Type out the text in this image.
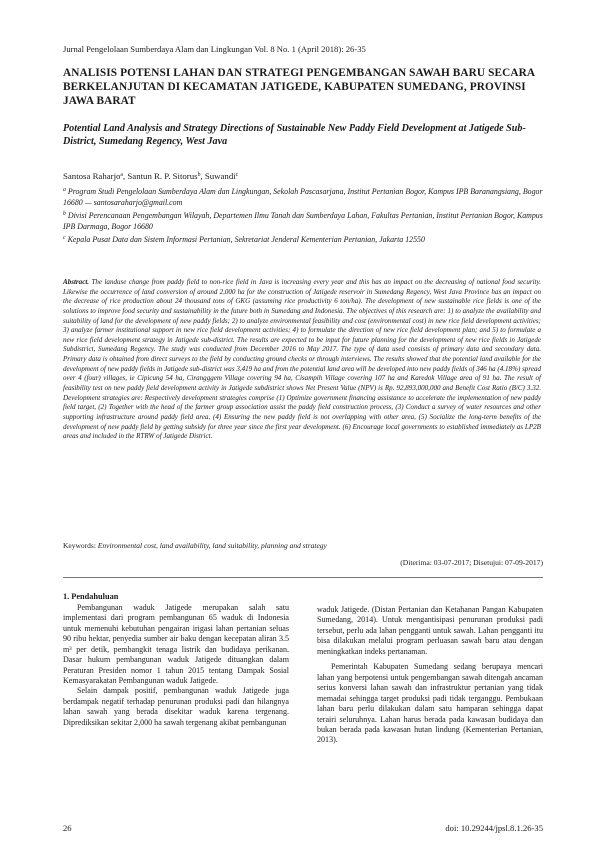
Jurnal Pengelolaan Sumberdaya Alam dan Lingkungan Vol. 8 No. 1 (April 2018): 26-35
ANALISIS POTENSI LAHAN DAN STRATEGI PENGEMBANGAN SAWAH BARU SECARA BERKELANJUTAN DI KECAMATAN JATIGEDE, KABUPATEN SUMEDANG, PROVINSI JAWA BARAT
Potential Land Analysis and Strategy Directions of Sustainable New Paddy Field Development at Jatigede Sub-District, Sumedang Regency, West Java
Santosa Raharjo$^a$, Santun R. P. Sitorus$^b$, Suwandi$^c$
$^a$ Program Studi Pengelolaan Sumberdaya Alam dan Lingkungan, Sekolah Pascasarjana, Institut Pertanian Bogor, Kampus IPB Baranangsiang, Bogor 16680 — santosaraharjo@gmail.com
$^b$ Divisi Perencanaan Pengembangan Wilayah, Departemen Ilmu Tanah dan Sumberdaya Lahan, Fakultas Pertanian, Institut Pertanian Bogor, Kampus IPB Darmaga, Bogor 16680
$^c$ Kepala Pusat Data dan Sistem Informasi Pertanian, Sekretariat Jenderal Kementerian Pertanian, Jakarta 12550

Abstract. The landuse change from paddy field to non-rice field in Java is increasing every year and this has an impact on the decreasing of national food security. Likewise the occurrence of land conversion of around 2,000 ha for the construction of Jatigede reservoir in Sumedang Regency, West Java Province has an impact on the decrease of rice production about 24 thousand tons of GKG (assuming rice productivity 6 ton/ha). The development of new sustainable rice fields is one of the solutions to improve food security and sustainability in the future both in Sumedang and Indonesia. The objectives of this research are: 1) to analyze the availability and suitability of land for the development of new paddy fields; 2) to analyze environmental feasibility and cost (environmental cost) in new rice field development activities; 3) analyze farmer institutional support in new rice field development activities; 4) to formulate the direction of new rice field development plan; and 5) to formulate a new rice field development strategy in Jatigede sub-district. The results are expected to be input for future planning for the development of new rice fields in Jatigede Subdistrict, Sumedang Regency. The study was conducted from December 2016 to May 2017. The type of data used consists of primary data and secondary data. Primary data is obtained from direct surveys to the field by conducting ground checks or through interviews. The results showed that the potential land available for the development of new paddy fields in Jatigede sub-district was 3,419 ha and from the potential land area will be developed into new paddy fields of 346 ha (4.18%) spread over 4 (four) villages, ie Cipicung 54 ha, Cirangggem Village covering 94 ha, Cisampih Village covering 107 ha and Karedok Village area of 91 ha. The result of feasibility test on new paddy field development activity in Jatigede subdistrict shows Net Present Value (NPV) is Rp. 92,893,000,000 and Benefit Cost Ratio (B/C) 3.32. Development strategies are: Respectively development strategies comprise (1) Optimize government financing assistance to accelerate the implementation of new paddy field target, (2) Together with the head of the farmer group association assist the paddy field construction process, (3) Conduct a survey of water resources and other supporting infrastructure around paddy field area, (4) Ensuring the new paddy field is not overlapping with other area, (5) Socialize the long-term benefits of the development of new paddy field by getting subsidy for three year since the first year development. (6) Encourage local governments to established immediately as LP2B areas and included in the RTRW of Jatigede District.

Keywords: Environmental cost, land availability, land suitability, planning and strategy
(Diterima: 03-07-2017; Disetujui: 07-09-2017)

1. Pendahuluan

Pembangunan waduk Jatigede merupakan salah satu implementasi dari program pembangunan 65 waduk di Indonesia untuk memenuhi kebutuhan pengairan irigasi lahan pertanian seluas 90 ribu hektar, penyedia sumber air baku dengan kecepatan aliran 3.5 m³ per detik, pembangkit tenaga listrik dan budidaya perikanan. Dasar hukum pembangunan waduk Jatigede dituangkan dalam Peraturan Presiden nomor 1 tahun 2015 tentang Dampak Sosial Kemasyarakatan Pembangunan waduk Jatigede.

Selain dampak positif, pembangunan waduk Jatigede juga berdampak negatif terhadap penurunan produksi padi dan hilangnya lahan sawah yang berada disekitar waduk karena tergenang. Diprediksikan sekitar 2,000 ha sawah tergenang akibat pembangunan

waduk Jatigede. (Distan Pertanian dan Ketahanan Pangan Kabupaten Sumedang, 2014). Untuk mengantisipasi penurunan produksi padi tersebut, perlu ada lahan pengganti untuk sawah. Lahan pengganti itu bisa dilakukan melalui program perluasan sawah baru atau dengan meningkatkan indeks pertanaman.

Pemerintah Kabupaten Sumedang sedang berupaya mencari lahan yang berpotensi untuk pengembangan sawah ditengah ancaman serius konversi lahan sawah dan infrastruktur pertanian yang tidak memadai sehingga target produksi padi tidak terganggu. Pembukaan lahan baru perlu dilakukan dalam satu hamparan sehingga dapat terairi seluruhnya. Lahan harus berada pada kawasan budidaya dan bukan berada pada kawasan hutan lindung (Kementerian Pertanian, 2013).

26	doi: 10.29244/jpsl.8.1.26-35
